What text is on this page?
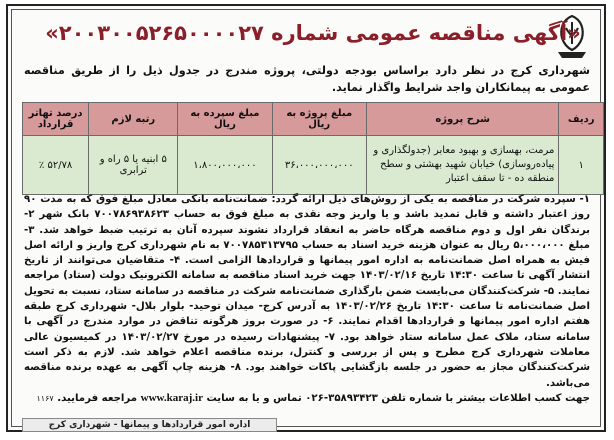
«آگهی مناقصه عمومی شماره ۲۰۰۳۰۰۵۲۶۵۰۰۰۰۲۷»
شهرداری کرج در نظر دارد براساس بودجه دولتی، پروژه مندرج در جدول ذیل را از طریق مناقصه عمومی به پیمانکاران واجد شرایط واگذار نماید.
ردیف	شرح پروژه	مبلغ پروژه به ریال	مبلغ سپرده به ریال	رتبه لازم	درصد تهاتر قرارداد
۱	مرمت، بهسازی و بهبود معابر (جدولگذاری و پیاده‌روسازی) خیابان شهید بهشتی و سطح منطقه ده - تا سقف اعتبار	۳۶،۰۰۰،۰۰۰،۰۰۰	۱،۸۰۰،۰۰۰،۰۰۰	۵ ابنیه یا ۵ راه و ترابری	۵۲/۷۸ ٪
۱- سپرده شرکت در مناقصه به یکی از روش‌های ذیل ارائه گردد: ضمانت‌نامه بانکی معادل مبلغ فوق که به مدت ۹۰ روز اعتبار داشته و قابل تمدید باشد و یا واریز وجه نقدی به مبلغ فوق به حساب ۷۰۰۷۸۶۹۳۸۶۲۳ بانک شهر ۲- برندگان نفر اول و دوم مناقصه هرگاه حاضر به انعقاد قرارداد نشوند سپرده آنان به ترتیب ضبط خواهد شد. ۳- مبلغ ۵،۰۰۰،۰۰۰ ریال به عنوان هزینه خرید اسناد به حساب ۷۰۰۷۸۵۳۱۳۷۹۵ به نام شهرداری کرج واریز و ارائه اصل فیش به همراه اصل ضمانت‌نامه به اداره امور پیمانها و قراردادها الزامی است. ۴- متقاضیان می‌توانند از تاریخ انتشار آگهی تا ساعت ۱۴:۳۰ تاریخ ۱۴۰۳/۰۲/۱۶ جهت خرید اسناد مناقصه به سامانه الکترونیک دولت (ستاد) مراجعه نمایند. ۵- شرکت‌کنندگان می‌بایست ضمن بارگذاری ضمانت‌نامه شرکت در مناقصه در سامانه ستاد، نسبت به تحویل اصل ضمانت‌نامه تا ساعت ۱۴:۳۰ تاریخ ۱۴۰۳/۰۲/۲۶ به آدرس کرج- میدان توحید- بلوار بلال- شهرداری کرج طبقه هفتم اداره امور پیمانها و قراردادها اقدام نمایند. ۶- در صورت بروز هرگونه تناقض در موارد مندرج در آگهی با سامانه ستاد، ملاک عمل سامانه ستاد خواهد بود. ۷- پیشنهادات رسیده در مورخ ۱۴۰۳/۰۲/۲۷ در کمیسیون عالی معاملات شهرداری کرج مطرح و پس از بررسی و کنترل، برنده مناقصه اعلام خواهد شد. لازم به ذکر است شرکت‌کنندگان مجاز به حضور در جلسه بازگشایی پاکات خواهند بود. ۸- هزینه چاپ آگهی به عهده برنده مناقصه می‌باشد.
جهت کسب اطلاعات بیشتر با شماره تلفن ۳۵۸۹۳۴۲۳-۰۲۶ تماس و یا به سایت www.karaj.ir مراجعه فرمایید. ۱۱۶۷
اداره امور قراردادها و پیمانها - شهرداری کرج
